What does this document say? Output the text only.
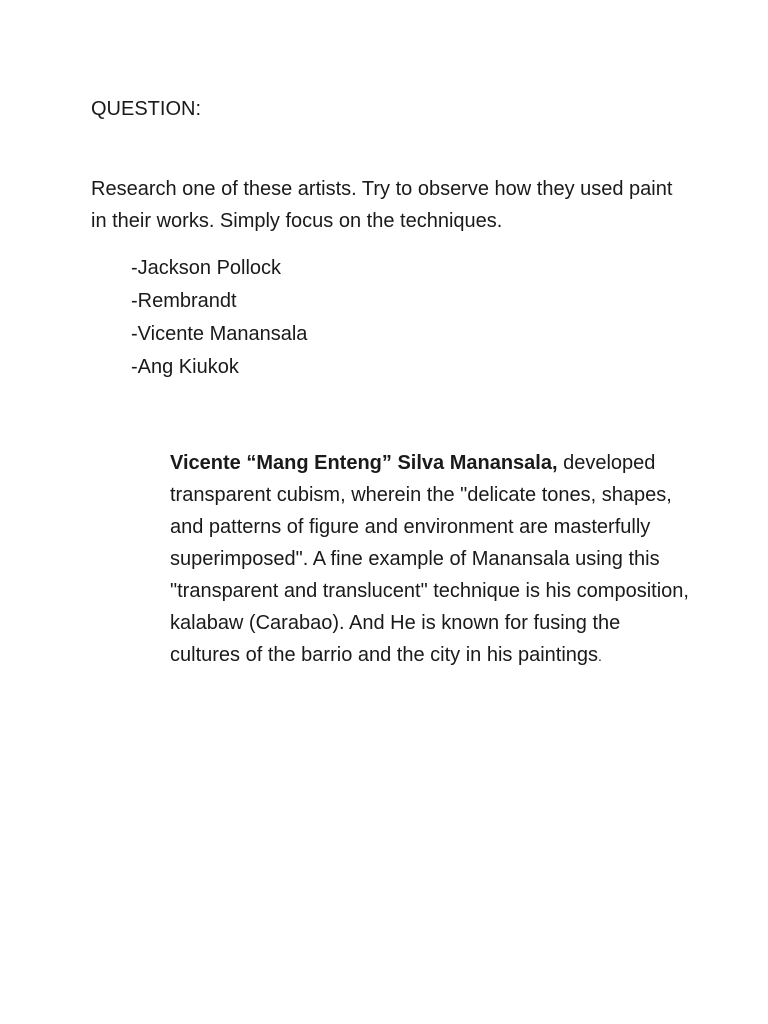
QUESTION:

Research one of these artists. Try to observe how they used paint in their works. Simply focus on the techniques.

-Jackson Pollock
-Rembrandt
-Vicente Manansala
-Ang Kiukok

Vicente “Mang Enteng” Silva Manansala, developed transparent cubism, wherein the "delicate tones, shapes, and patterns of figure and environment are masterfully superimposed". A fine example of Manansala using this "transparent and translucent" technique is his composition, kalabaw (Carabao). And He is known for fusing the cultures of the barrio and the city in his paintings.
